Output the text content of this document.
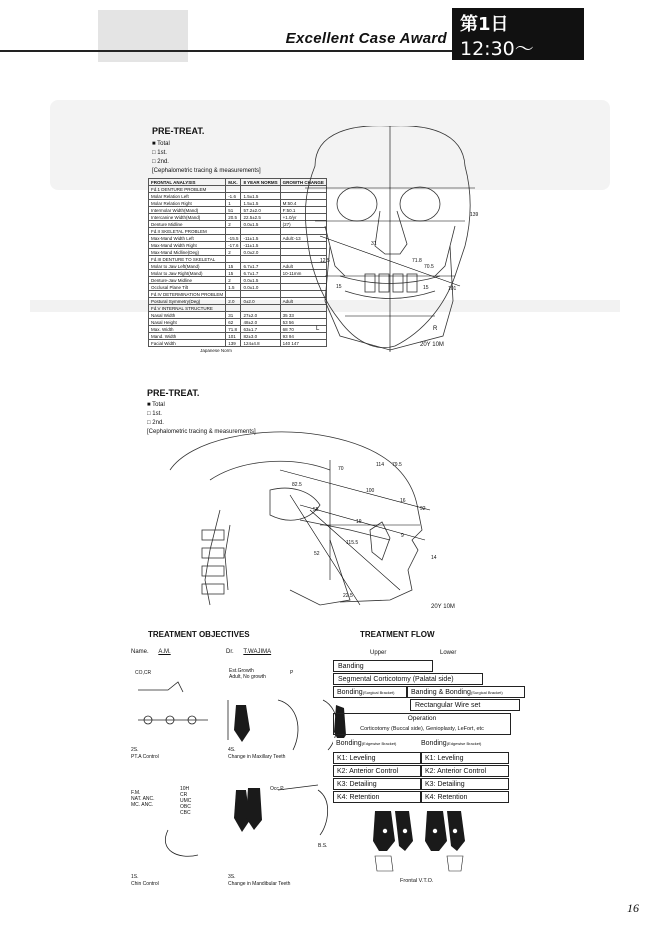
Excellent Case Award
第1日
12:30〜13:15
PRE-TREAT.
■ Total
□ 1st.
□ 2nd.
[Cephalometric tracing & measurements]
FRONTAL ANALYSIS	M.K.	8 YEAR NORMS	GROWTH CHANGE
Fd.1 DENTURE PROBLEM			
Molar Relation Left	-1.6	1.5±1.5	
Molar Relation Right	1	1.5±1.5	M:50.4
Intermolar Width(Mand)	51	57.2±2.0	F:50.1
Intercanine Width(Mand)	20.5	22.5±2.5	+1.0/yr
Denture Midline	2	0.0±1.5	(27)
Fd.II SKELETAL PROBLEM			
Max-Mand Width Left	-15.5	-11±1.5	Adult:-13
Max-Mand Width Right	-17.6	-11±1.5	
Max-Mand Midline(Deg)	2	0.0±2.0	
Fd.III DENTURE TO SKELETAL			
Molar to Jaw Left(Mand)	15	6.7±1.7	Adult
Molar to Jaw Right(Mand)	15	6.7±1.7	10-11mm
Denture-Jaw Midline	2	0.0±1.5	
Occlusal Plane Tilt	1.5	0.0±1.0	
Fd.IV DETERMINATION PROBLEM			
Postural Symmetry(Deg)	2.0	0±2.0	Adult
Fd.V INTERNAL STRUCTURE			
Nasal Width	31	27±2.0	35 33
Nasal Height	62	48±2.0	53 56
Max. Width	71.8	63±1.7	68 70
Mand. Width	101	82±3.0	93 94
Facial Width	139	124±4.8	140 147
Japanese Norm
139
31
71.8
12.5
15	15	101
70.5
L	R
20Y 10M
PRE-TREAT.
■ Total
□ 1st.
□ 2nd.
[Cephalometric tracing & measurements]
114 79.5
70
82.5
100
55
16
19
9
92
115.5
14
52
22.5
20Y 10M
TREATMENT OBJECTIVES
Name. A.M.	Dr. T.WAJIMA
CO,CR	Est.Growth
Adult, No growth
P
2S.
PT.A Control
4S.
Change in Maxillary Teeth
F.M.
NAT. ANC.
MC. ANC.
10H
CR
UMC
OBC
CBC
Occ.P.
B.S.
1S.
Chin Control
3S.
Change in Mandibular Teeth
TREATMENT FLOW
Upper	Lower
Banding
Segmental Corticotomy (Palatal side)
Bonding(Surgical Bracket)	Banding & Bonding(Surgical Bracket)
Rectangular Wire set
Operation
Corticotomy (Buccal side), Genioplasty, LeFort, etc
Bonding(Edgewise Bracket)	Bonding(Edgewise Bracket)
K1: Leveling	K1: Leveling
K2: Anterior Control	K2: Anterior Control
K3: Detailing	K3: Detailing
K4: Retention	K4: Retention
Frontal V.T.O.
16
